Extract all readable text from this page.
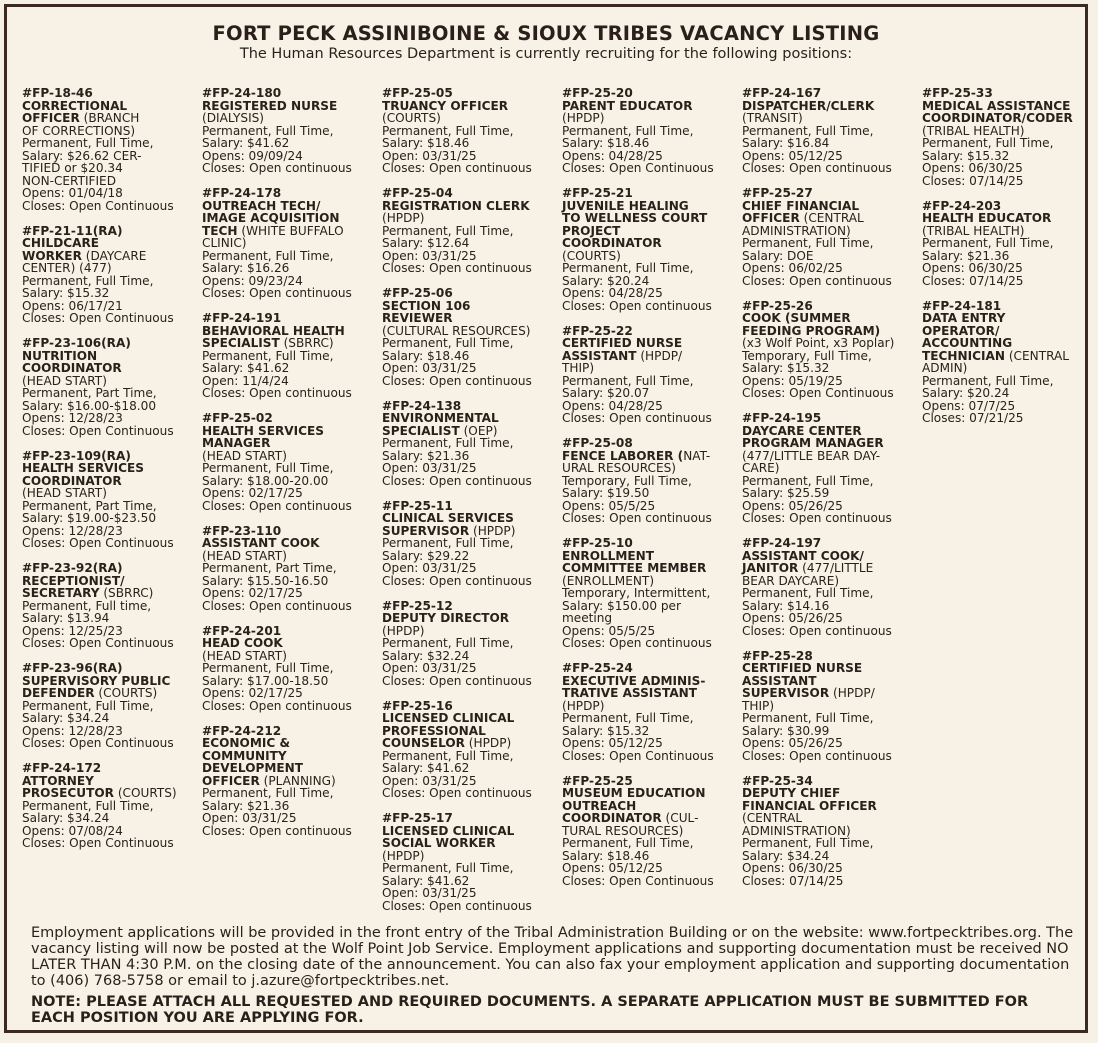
FORT PECK ASSINIBOINE & SIOUX TRIBES VACANCY LISTING
The Human Resources Department is currently recruiting for the following positions:
#FP-18-46
CORRECTIONAL
OFFICER (BRANCH
OF CORRECTIONS)
Permanent, Full Time,
Salary: $26.62 CER-
TIFIED or $20.34
NON-CERTIFIED
Opens: 01/04/18
Closes: Open Continuous
#FP-21-11(RA)
CHILDCARE
WORKER (DAYCARE
CENTER) (477)
Permanent, Full Time,
Salary: $15.32
Opens: 06/17/21
Closes: Open Continuous
#FP-23-106(RA)
NUTRITION
COORDINATOR
(HEAD START)
Permanent, Part Time,
Salary: $16.00-$18.00
Opens: 12/28/23
Closes: Open Continuous
#FP-23-109(RA)
HEALTH SERVICES
COORDINATOR
(HEAD START)
Permanent, Part Time,
Salary: $19.00-$23.50
Opens: 12/28/23
Closes: Open Continuous
#FP-23-92(RA)
RECEPTIONIST/
SECRETARY (SBRRC)
Permanent, Full time,
Salary: $13.94
Opens: 12/25/23
Closes: Open Continuous
#FP-23-96(RA)
SUPERVISORY PUBLIC
DEFENDER (COURTS)
Permanent, Full Time,
Salary: $34.24
Opens: 12/28/23
Closes: Open Continuous
#FP-24-172
ATTORNEY
PROSECUTOR (COURTS)
Permanent, Full Time,
Salary: $34.24
Opens: 07/08/24
Closes: Open Continuous
#FP-24-180
REGISTERED NURSE
(DIALYSIS)
Permanent, Full Time,
Salary: $41.62
Opens: 09/09/24
Closes: Open continuous
#FP-24-178
OUTREACH TECH/
IMAGE ACQUISITION
TECH (WHITE BUFFALO
CLINIC)
Permanent, Full Time,
Salary: $16.26
Opens: 09/23/24
Closes: Open continuous
#FP-24-191
BEHAVIORAL HEALTH
SPECIALIST (SBRRC)
Permanent, Full Time,
Salary: $41.62
Open: 11/4/24
Closes: Open continuous
#FP-25-02
HEALTH SERVICES
MANAGER
(HEAD START)
Permanent, Full Time,
Salary: $18.00-20.00
Opens: 02/17/25
Closes: Open continuous
#FP-23-110
ASSISTANT COOK
(HEAD START)
Permanent, Part Time,
Salary: $15.50-16.50
Opens: 02/17/25
Closes: Open continuous
#FP-24-201
HEAD COOK
(HEAD START)
Permanent, Full Time,
Salary: $17.00-18.50
Opens: 02/17/25
Closes: Open continuous
#FP-24-212
ECONOMIC &
COMMUNITY
DEVELOPMENT
OFFICER (PLANNING)
Permanent, Full Time,
Salary: $21.36
Open: 03/31/25
Closes: Open continuous
#FP-25-05
TRUANCY OFFICER
(COURTS)
Permanent, Full Time,
Salary: $18.46
Open: 03/31/25
Closes: Open continuous
#FP-25-04
REGISTRATION CLERK
(HPDP)
Permanent, Full Time,
Salary: $12.64
Open: 03/31/25
Closes: Open continuous
#FP-25-06
SECTION 106
REVIEWER
(CULTURAL RESOURCES)
Permanent, Full Time,
Salary: $18.46
Open: 03/31/25
Closes: Open continuous
#FP-24-138
ENVIRONMENTAL
SPECIALIST (OEP)
Permanent, Full Time,
Salary: $21.36
Open: 03/31/25
Closes: Open continuous
#FP-25-11
CLINICAL SERVICES
SUPERVISOR (HPDP)
Permanent, Full Time,
Salary: $29.22
Open: 03/31/25
Closes: Open continuous
#FP-25-12
DEPUTY DIRECTOR
(HPDP)
Permanent, Full Time,
Salary: $32.24
Open: 03/31/25
Closes: Open continuous
#FP-25-16
LICENSED CLINICAL
PROFESSIONAL
COUNSELOR (HPDP)
Permanent, Full Time,
Salary: $41.62
Open: 03/31/25
Closes: Open continuous
#FP-25-17
LICENSED CLINICAL
SOCIAL WORKER
(HPDP)
Permanent, Full Time,
Salary: $41.62
Open: 03/31/25
Closes: Open continuous
#FP-25-20
PARENT EDUCATOR
(HPDP)
Permanent, Full Time,
Salary: $18.46
Opens: 04/28/25
Closes: Open Continuous
#FP-25-21
JUVENILE HEALING
TO WELLNESS COURT
PROJECT
COORDINATOR
(COURTS)
Permanent, Full Time,
Salary: $20.24
Opens: 04/28/25
Closes: Open continuous
#FP-25-22
CERTIFIED NURSE
ASSISTANT (HPDP/
THIP)
Permanent, Full Time,
Salary: $20.07
Opens: 04/28/25
Closes: Open continuous
#FP-25-08
FENCE LABORER (NAT-
URAL RESOURCES)
Temporary, Full Time,
Salary: $19.50
Opens: 05/5/25
Closes: Open continuous
#FP-25-10
ENROLLMENT
COMMITTEE MEMBER
(ENROLLMENT)
Temporary, Intermittent,
Salary: $150.00 per
meeting
Opens: 05/5/25
Closes: Open continuous
#FP-25-24
EXECUTIVE ADMINIS-
TRATIVE ASSISTANT
(HPDP)
Permanent, Full Time,
Salary: $15.32
Opens: 05/12/25
Closes: Open Continuous
#FP-25-25
MUSEUM EDUCATION
OUTREACH
COORDINATOR (CUL-
TURAL RESOURCES)
Permanent, Full Time,
Salary: $18.46
Opens: 05/12/25
Closes: Open Continuous
#FP-24-167
DISPATCHER/CLERK
(TRANSIT)
Permanent, Full Time,
Salary: $16.84
Opens: 05/12/25
Closes: Open continuous
#FP-25-27
CHIEF FINANCIAL
OFFICER (CENTRAL
ADMINISTRATION)
Permanent, Full Time,
Salary: DOE
Opens: 06/02/25
Closes: Open continuous
#FP-25-26
COOK (SUMMER
FEEDING PROGRAM)
(x3 Wolf Point, x3 Poplar)
Temporary, Full Time,
Salary: $15.32
Opens: 05/19/25
Closes: Open Continuous
#FP-24-195
DAYCARE CENTER
PROGRAM MANAGER
(477/LITTLE BEAR DAY-
CARE)
Permanent, Full Time,
Salary: $25.59
Opens: 05/26/25
Closes: Open continuous
#FP-24-197
ASSISTANT COOK/
JANITOR (477/LITTLE
BEAR DAYCARE)
Permanent, Full Time,
Salary: $14.16
Opens: 05/26/25
Closes: Open continuous
#FP-25-28
CERTIFIED NURSE
ASSISTANT
SUPERVISOR (HPDP/
THIP)
Permanent, Full Time,
Salary: $30.99
Opens: 05/26/25
Closes: Open continuous
#FP-25-34
DEPUTY CHIEF
FINANCIAL OFFICER
(CENTRAL
ADMINISTRATION)
Permanent, Full Time,
Salary: $34.24
Opens: 06/30/25
Closes: 07/14/25
#FP-25-33
MEDICAL ASSISTANCE
COORDINATOR/CODER
(TRIBAL HEALTH)
Permanent, Full Time,
Salary: $15.32
Opens: 06/30/25
Closes: 07/14/25
#FP-24-203
HEALTH EDUCATOR
(TRIBAL HEALTH)
Permanent, Full Time,
Salary: $21.36
Opens: 06/30/25
Closes: 07/14/25
#FP-24-181
DATA ENTRY
OPERATOR/
ACCOUNTING
TECHNICIAN (CENTRAL
ADMIN)
Permanent, Full Time,
Salary: $20.24
Opens: 07/7/25
Closes: 07/21/25
Employment applications will be provided in the front entry of the Tribal Administration Building or on the website: www.fortpecktribes.org. The vacancy listing will now be posted at the Wolf Point Job Service. Employment applications and supporting documentation must be received NO LATER THAN 4:30 P.M. on the closing date of the announcement. You can also fax your employment application and supporting documentation to (406) 768-5758 or email to j.azure@fortpecktribes.net.
NOTE: PLEASE ATTACH ALL REQUESTED AND REQUIRED DOCUMENTS. A SEPARATE APPLICATION MUST BE SUBMITTED FOR EACH POSITION YOU ARE APPLYING FOR.
